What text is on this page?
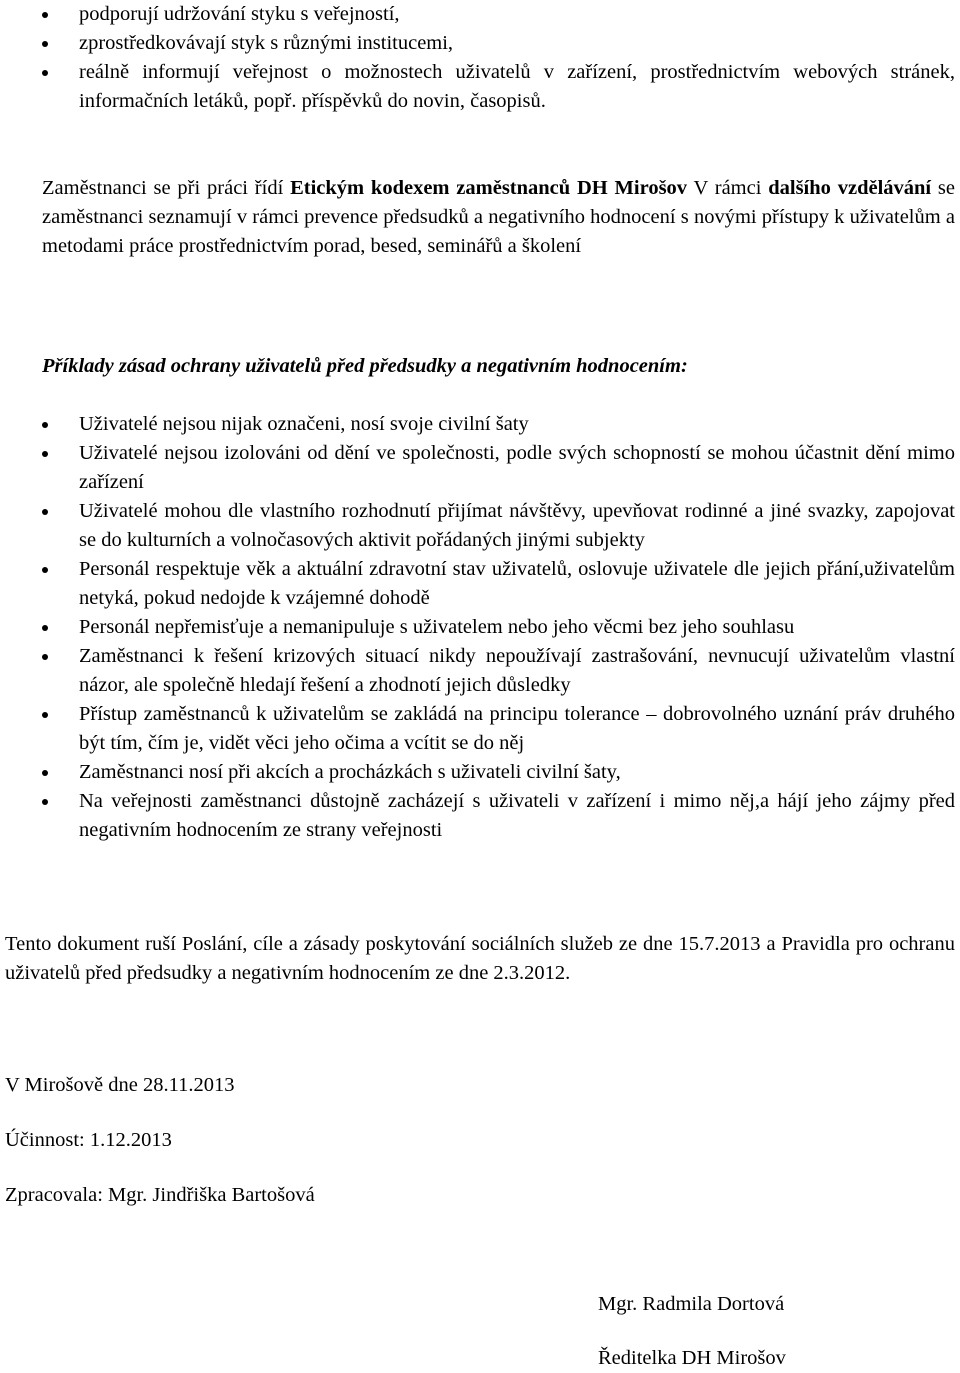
podporují udržování styku s veřejností,
zprostředkovávají styk s různými institucemi,
reálně informují veřejnost o možnostech uživatelů v zařízení, prostřednictvím webových stránek, informačních letáků, popř. příspěvků do novin, časopisů.

Zaměstnanci se při práci řídí Etickým kodexem zaměstnanců DH Mirošov V rámci dalšího vzdělávání se zaměstnanci seznamují v rámci prevence předsudků a negativního hodnocení s novými přístupy k uživatelům a metodami práce prostřednictvím porad, besed, seminářů a školení

Příklady zásad ochrany uživatelů před předsudky a negativním hodnocením:

Uživatelé nejsou nijak označeni, nosí svoje civilní šaty
Uživatelé nejsou izolováni od dění ve společnosti, podle svých schopností se mohou účastnit dění mimo zařízení
Uživatelé mohou dle vlastního rozhodnutí přijímat návštěvy, upevňovat rodinné a jiné svazky, zapojovat se do kulturních a volnočasových aktivit pořádaných jinými subjekty
Personál respektuje věk a aktuální zdravotní stav uživatelů, oslovuje uživatele dle jejich přání,uživatelům netyká, pokud nedojde k vzájemné dohodě
Personál nepřemisťuje a nemanipuluje s uživatelem nebo jeho věcmi bez jeho souhlasu
Zaměstnanci k řešení krizových situací nikdy nepoužívají zastrašování, nevnucují uživatelům vlastní názor, ale společně hledají řešení a zhodnotí jejich důsledky
Přístup zaměstnanců k uživatelům se zakládá na principu tolerance – dobrovolného uznání práv druhého být tím, čím je, vidět věci jeho očima a vcítit se do něj
Zaměstnanci nosí při akcích a procházkách s uživateli civilní šaty,
Na veřejnosti zaměstnanci důstojně zacházejí s uživateli v zařízení i mimo něj,a hájí jeho zájmy před negativním hodnocením ze strany veřejnosti

Tento dokument ruší Poslání, cíle a zásady poskytování sociálních služeb ze dne 15.7.2013 a Pravidla pro ochranu uživatelů před předsudky a negativním hodnocením ze dne 2.3.2012.

V Mirošově dne 28.11.2013

Účinnost: 1.12.2013

Zpracovala: Mgr. Jindřiška Bartošová

Mgr. Radmila Dortová

Ředitelka DH Mirošov
